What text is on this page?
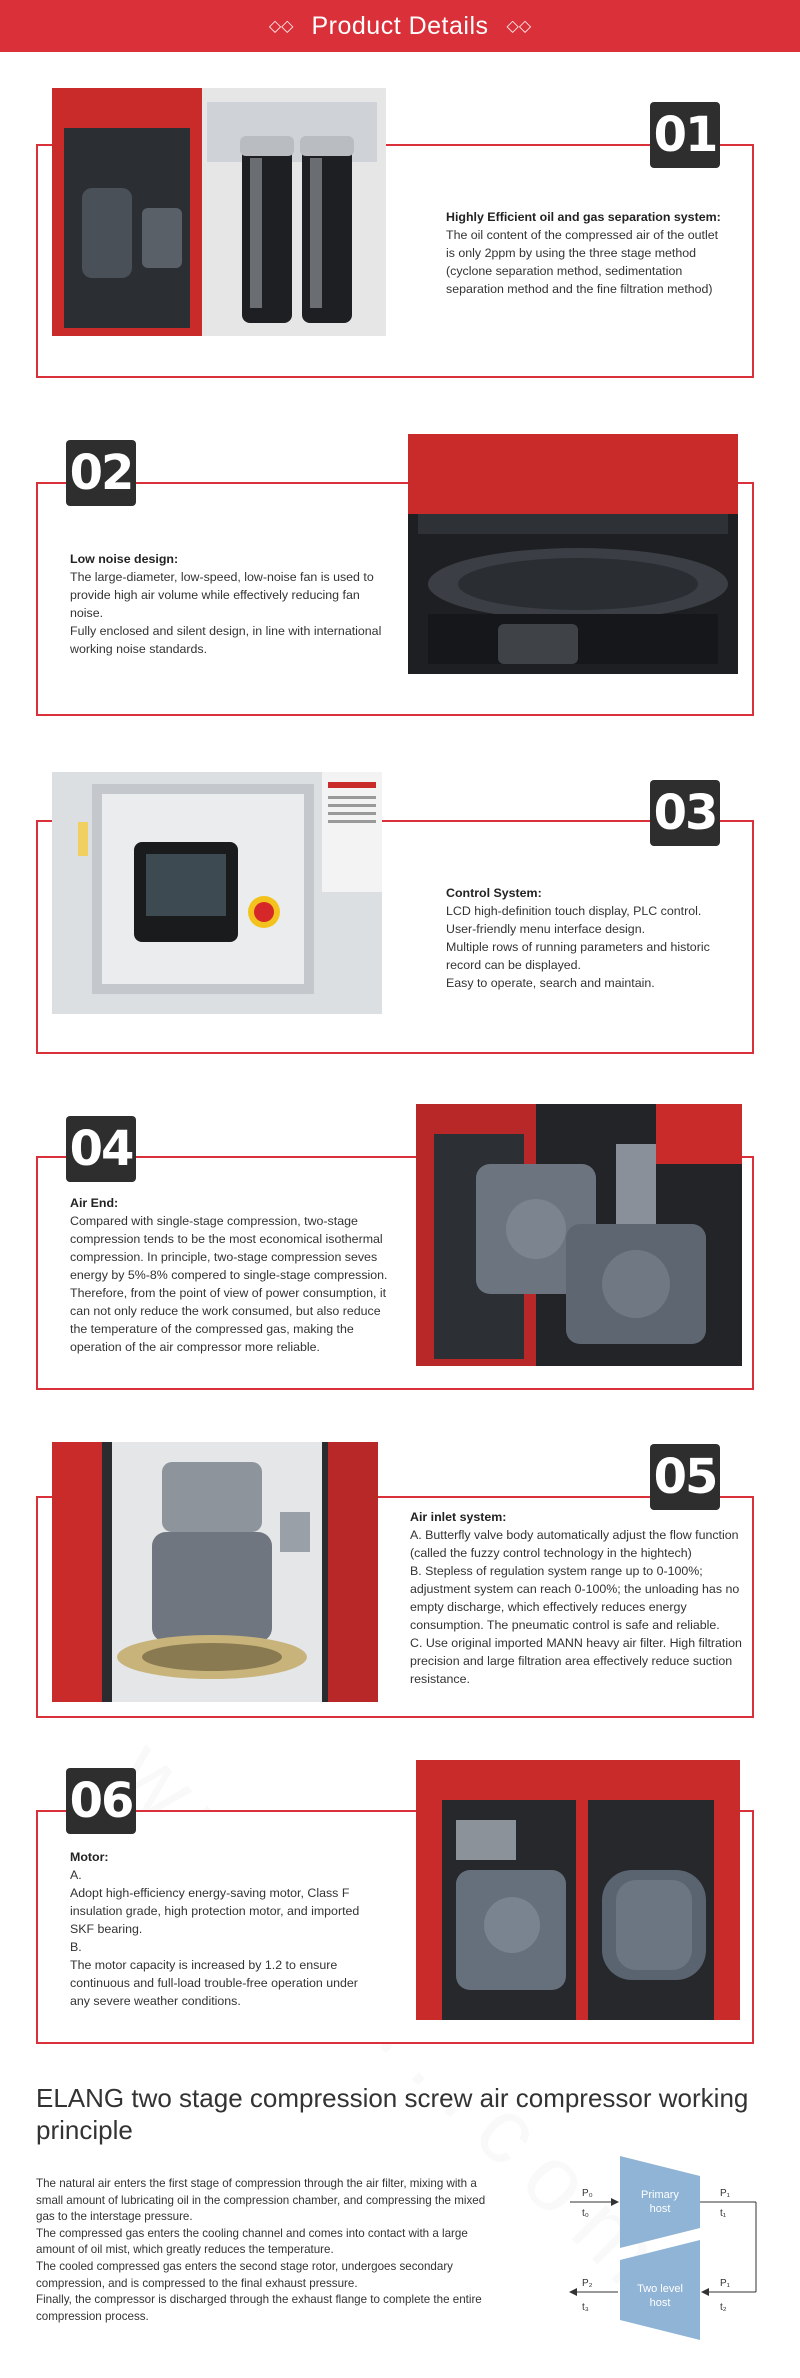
◇◇ Product Details ◇◇
01
Highly Efficient oil and gas separation system:
The oil content of the compressed air of the outlet is only 2ppm by using the three stage method (cyclone separation method, sedimentation separation method and the fine filtration method)
02
Low noise design:
The large-diameter, low-speed, low-noise fan is used to provide high air volume while effectively reducing fan noise.
Fully enclosed and silent design, in line with international working noise standards.
03
Control System:
LCD high-definition touch display, PLC control.
User-friendly menu interface design.
Multiple rows of running parameters and historic record can be displayed.
Easy to operate, search and maintain.
04
Air End:
Compared with single-stage compression, two-stage compression tends to be the most economical isothermal compression. In principle, two-stage compression seves energy by 5%-8% compered to single-stage compression. Therefore, from the point of view of power consumption, it can not only reduce the work consumed, but also reduce the temperature of the compressed gas, making the operation of the air compressor more reliable.
05
Air inlet system:
A. Butterfly valve body automatically adjust the flow function (called the fuzzy control technology in the hightech)
B. Stepless of regulation system range up to 0-100%; adjustment system can reach 0-100%; the unloading has no empty discharge, which effectively reduces energy consumption. The pneumatic control is safe and reliable.
C. Use original imported MANN heavy air filter. High filtration precision and large filtration area effectively reduce suction resistance.
06
Motor:
A.
Adopt high-efficiency energy-saving motor, Class F insulation grade, high protection motor, and imported SKF bearing.
B.
The motor capacity is increased by 1.2 to ensure continuous and full-load trouble-free operation under any severe weather conditions.
ELANG two stage compression screw air compressor working principle
The natural air enters the first stage of compression through the air filter, mixing with a small amount of lubricating oil in the compression chamber, and compressing the mixed gas to the interstage pressure.
The compressed gas enters the cooling channel and comes into contact with a large amount of oil mist, which greatly reduces the temperature.
The cooled compressed gas enters the second stage rotor, undergoes secondary compression, and is compressed to the final exhaust pressure.
Finally, the compressor is discharged through the exhaust flange to complete the entire compression process.
Primary
host
P₀
t₀
P₁
t₁
Two level
host
P₁
t₂
P₂
t₃
